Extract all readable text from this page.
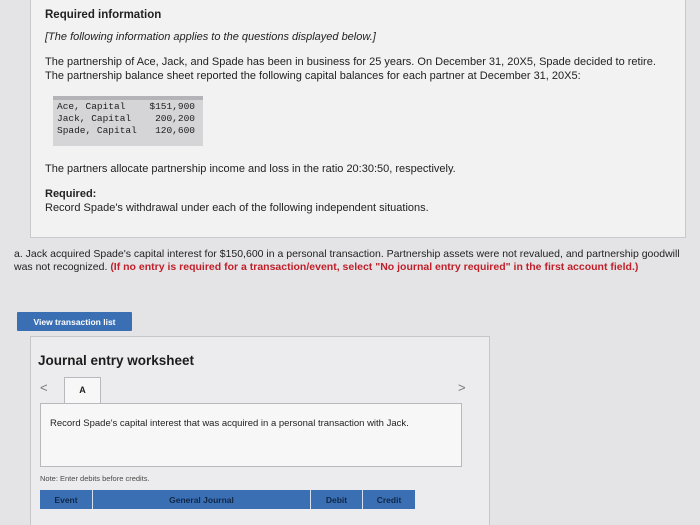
Required information
[The following information applies to the questions displayed below.]
The partnership of Ace, Jack, and Spade has been in business for 25 years. On December 31, 20X5, Spade decided to retire. The partnership balance sheet reported the following capital balances for each partner at December 31, 20X5:
Ace, Capital	$151,900
Jack, Capital	200,200
Spade, Capital	120,600
The partners allocate partnership income and loss in the ratio 20:30:50, respectively.
Required:
Record Spade's withdrawal under each of the following independent situations.
a. Jack acquired Spade's capital interest for $150,600 in a personal transaction. Partnership assets were not revalued, and partnership goodwill was not recognized. (If no entry is required for a transaction/event, select "No journal entry required" in the first account field.)
View transaction list
Journal entry worksheet
<	A	>
Record Spade's capital interest that was acquired in a personal transaction with Jack.
Note: Enter debits before credits.
Event	General Journal	Debit	Credit
